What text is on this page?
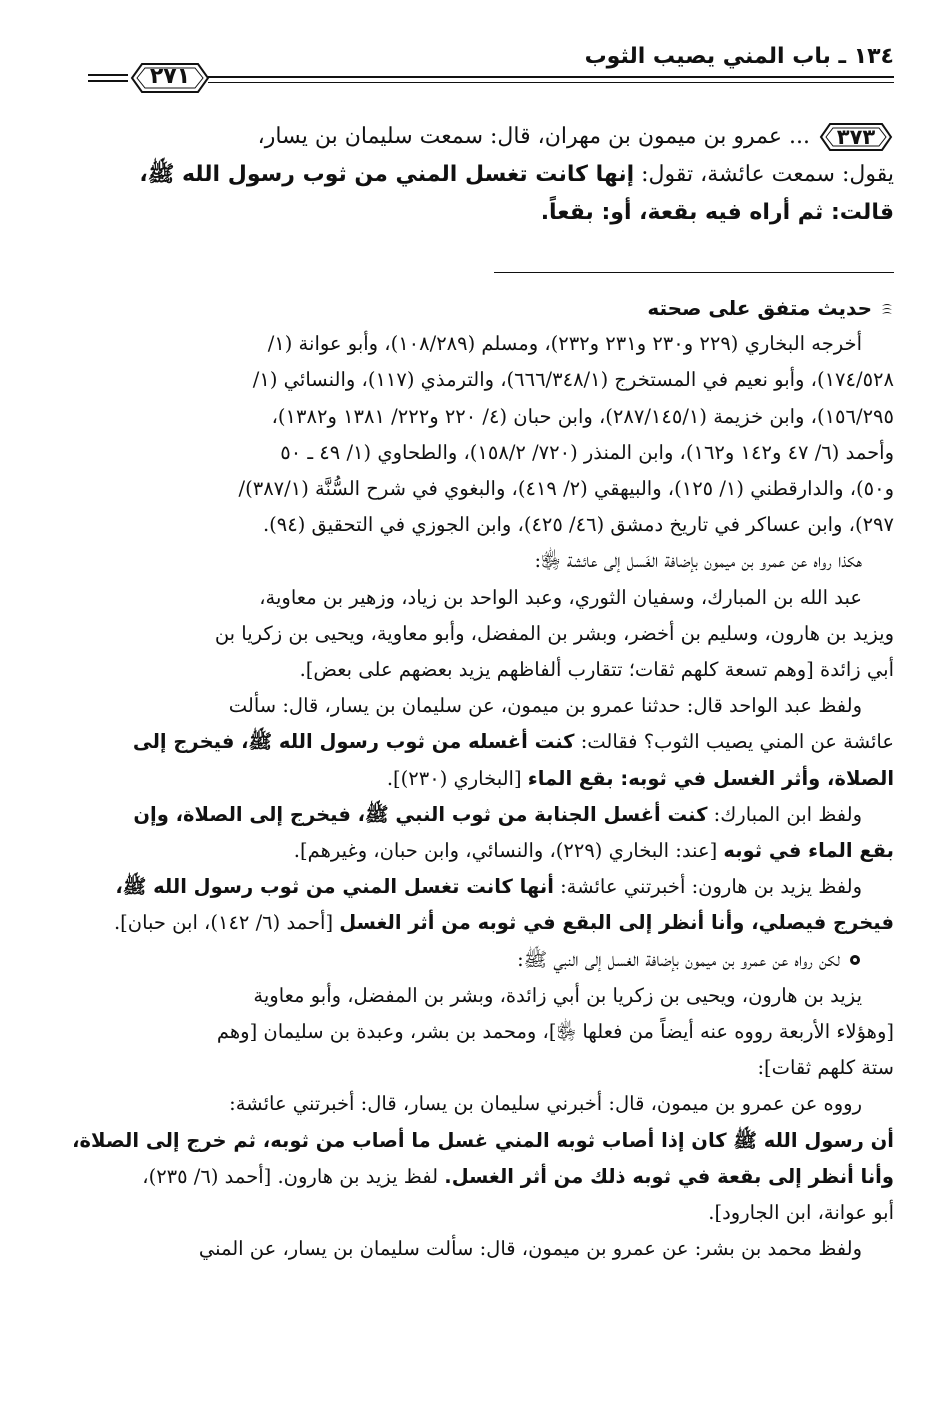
١٣٤ ـ باب المني يصيب الثوب
٢٧١
٣٧٣
... عمرو بن ميمون بن مهران، قال: سمعت سليمان بن يسار،
يقول: سمعت عائشة، تقول: إنها كانت تغسل المني من ثوب رسول الله ﷺ،
قالت: ثم أراه فيه بقعة، أو: بقعاً.

حديث متفق على صحته

أخرجه البخاري (٢٢٩ و٢٣٠ و٢٣١ و٢٣٢)، ومسلم (١٠٨/٢٨٩)، وأبو عوانة (١/

١٧٤/٥٢٨)، وأبو نعيم في المستخرج (٦٦٦/٣٤٨/١)، والترمذي (١١٧)، والنسائي (١/

١٥٦/٢٩٥)، وابن خزيمة (٢٨٧/١٤٥/١)، وابن حبان (٤/ ٢٢٠ و٢٢٢/ ١٣٨١ و١٣٨٢)،

وأحمد (٦/ ٤٧ و١٤٢ و١٦٢)، وابن المنذر (٧٢٠/ ١٥٨/٢)، والطحاوي (١/ ٤٩ ـ ٥٠

و٥٠)، والدارقطني (١/ ١٢٥)، والبيهقي (٢/ ٤١٩)، والبغوي في شرح السُّنَّة (٣٨٧/١)/

٢٩٧)، وابن عساكر في تاريخ دمشق (٤٦/ ٤٢٥)، وابن الجوزي في التحقيق (٩٤).

هكذا رواه عن عمرو بن ميمون بإضافة الغَسل إلى عائشة ﵂:

عبد الله بن المبارك، وسفيان الثوري، وعبد الواحد بن زياد، وزهير بن معاوية،

ويزيد بن هارون، وسليم بن أخضر، وبشر بن المفضل، وأبو معاوية، ويحيى بن زكريا بن

أبي زائدة [وهم تسعة كلهم ثقات؛ تتقارب ألفاظهم يزيد بعضهم على بعض].

ولفظ عبد الواحد قال: حدثنا عمرو بن ميمون، عن سليمان بن يسار، قال: سألت

عائشة عن المني يصيب الثوب؟ فقالت: كنت أغسله من ثوب رسول الله ﷺ، فيخرج إلى

الصلاة، وأثر الغسل في ثوبه: بقع الماء [البخاري (٢٣٠)].

ولفظ ابن المبارك: كنت أغسل الجنابة من ثوب النبي ﷺ، فيخرج إلى الصلاة، وإن

بقع الماء في ثوبه [عند: البخاري (٢٢٩)، والنسائي، وابن حبان، وغيرهم].

ولفظ يزيد بن هارون: أخبرتني عائشة: أنها كانت تغسل المني من ثوب رسول الله ﷺ،

فيخرج فيصلي، وأنا أنظر إلى البقع في ثوبه من أثر الغسل [أحمد (٦/ ١٤٢)، ابن حبان].

لكن رواه عن عمرو بن ميمون بإضافة الغسل إلى النبي ﷺ:

يزيد بن هارون، ويحيى بن زكريا بن أبي زائدة، وبشر بن المفضل، وأبو معاوية

[وهؤلاء الأربعة رووه عنه أيضاً من فعلها ﵂]، ومحمد بن بشر، وعبدة بن سليمان [وهم

ستة كلهم ثقات]:

رووه عن عمرو بن ميمون، قال: أخبرني سليمان بن يسار، قال: أخبرتني عائشة:

أن رسول الله ﷺ كان إذا أصاب ثوبه المني غسل ما أصاب من ثوبه، ثم خرج إلى الصلاة،

وأنا أنظر إلى بقعة في ثوبه ذلك من أثر الغسل. لفظ يزيد بن هارون. [أحمد (٦/ ٢٣٥)،

أبو عوانة، ابن الجارود].

ولفظ محمد بن بشر: عن عمرو بن ميمون، قال: سألت سليمان بن يسار، عن المني
